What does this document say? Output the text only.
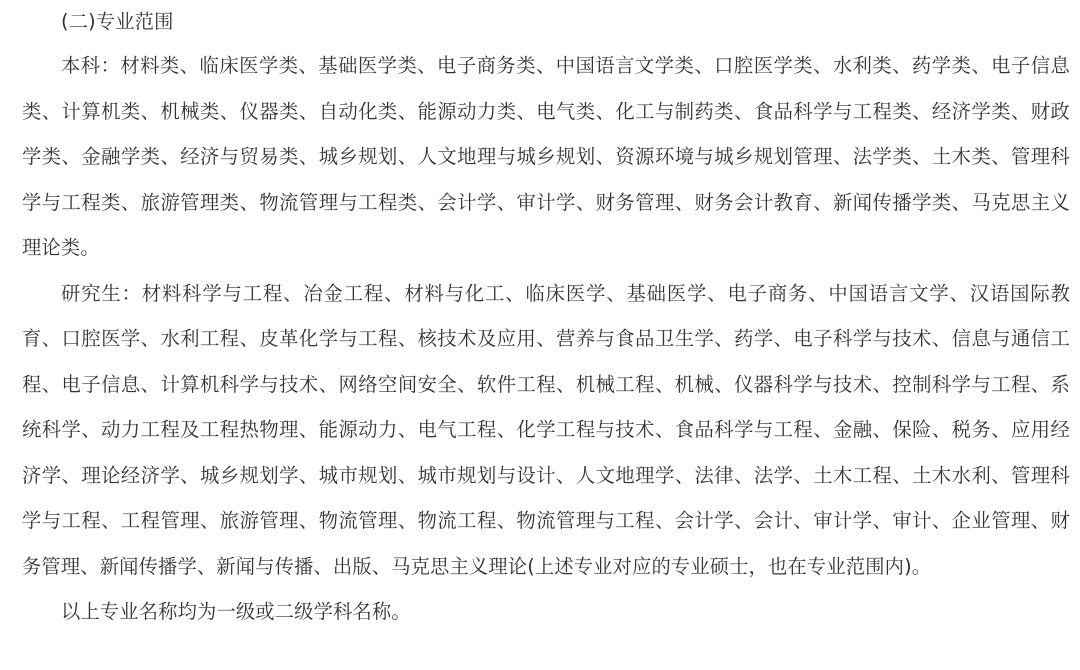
(二)专业范围

本科：材料类、临床医学类、基础医学类、电子商务类、中国语言文学类、口腔医学类、水利类、药学类、电子信息类、计算机类、机械类、仪器类、自动化类、能源动力类、电气类、化工与制药类、食品科学与工程类、经济学类、财政学类、金融学类、经济与贸易类、城乡规划、人文地理与城乡规划、资源环境与城乡规划管理、法学类、土木类、管理科学与工程类、旅游管理类、物流管理与工程类、会计学、审计学、财务管理、财务会计教育、新闻传播学类、马克思主义理论类。

研究生：材料科学与工程、冶金工程、材料与化工、临床医学、基础医学、电子商务、中国语言文学、汉语国际教育、口腔医学、水利工程、皮革化学与工程、核技术及应用、营养与食品卫生学、药学、电子科学与技术、信息与通信工程、电子信息、计算机科学与技术、网络空间安全、软件工程、机械工程、机械、仪器科学与技术、控制科学与工程、系统科学、动力工程及工程热物理、能源动力、电气工程、化学工程与技术、食品科学与工程、金融、保险、税务、应用经济学、理论经济学、城乡规划学、城市规划、城市规划与设计、人文地理学、法律、法学、土木工程、土木水利、管理科学与工程、工程管理、旅游管理、物流管理、物流工程、物流管理与工程、会计学、会计、审计学、审计、企业管理、财务管理、新闻传播学、新闻与传播、出版、马克思主义理论(上述专业对应的专业硕士，也在专业范围内)。

以上专业名称均为一级或二级学科名称。
